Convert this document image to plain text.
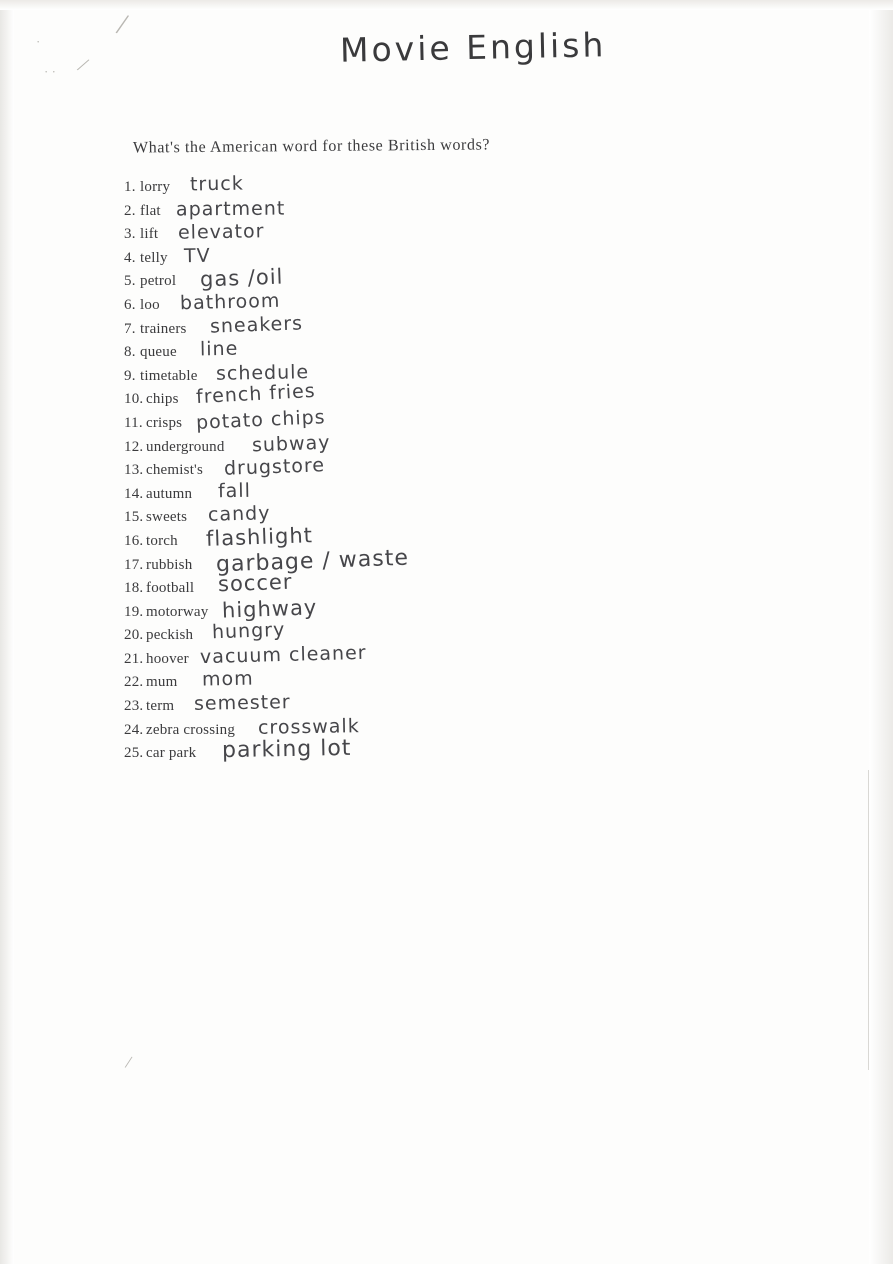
·
· · /
/
/
Movie English
What's the American word for these British words?
1. lorry truck
2. flat apartment
3. lift elevator
4. telly TV
5. petrol gas /oil
6. loo bathroom
7. trainers sneakers
8. queue line
9. timetable schedule
10. chips french fries
11. crisps potato chips
12. underground subway
13. chemist's drugstore
14. autumn fall
15. sweets candy
16. torch flashlight
17. rubbish garbage / waste
18. football soccer
19. motorway highway
20. peckish hungry
21. hoover vacuum cleaner
22. mum mom
23. term semester
24. zebra crossing crosswalk
25. car park parking lot
